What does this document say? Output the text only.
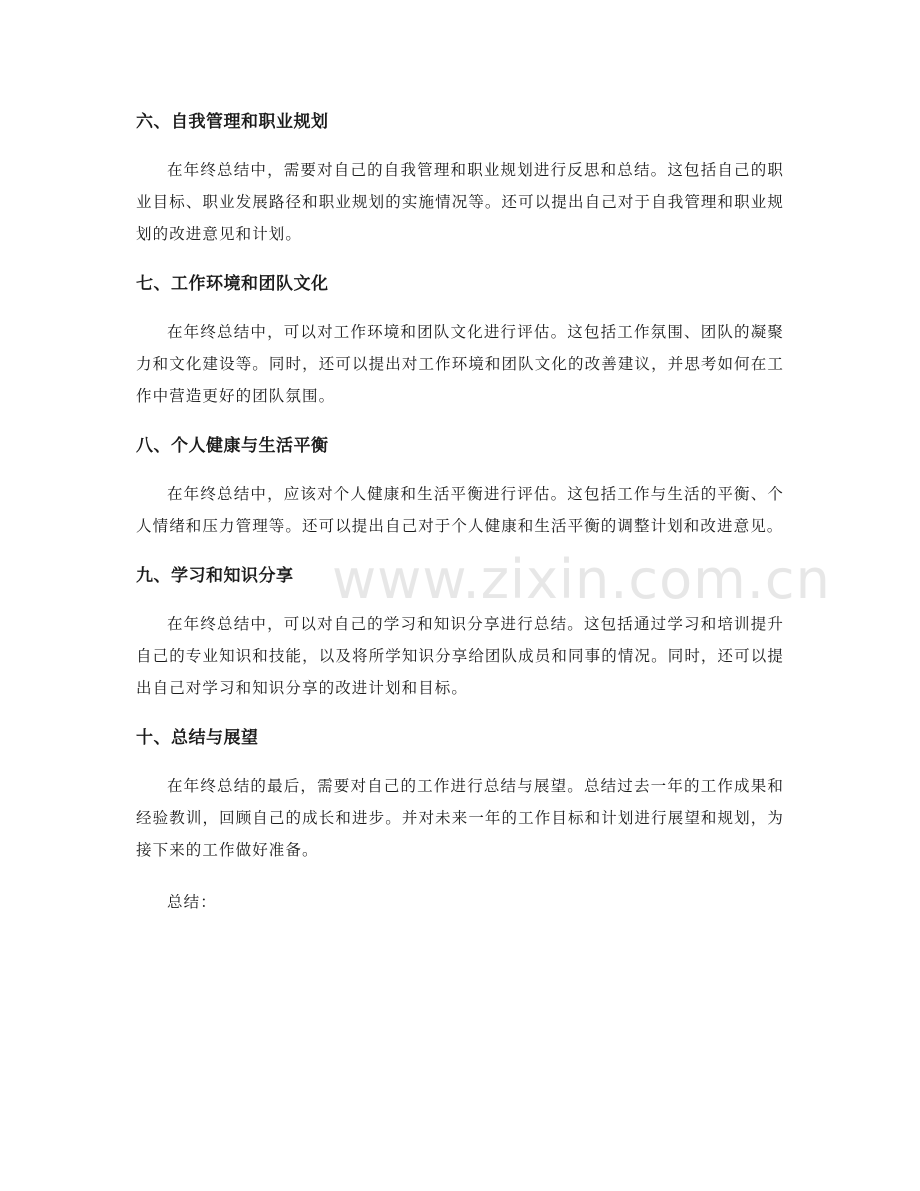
六、自我管理和职业规划

在年终总结中，需要对自己的自我管理和职业规划进行反思和总结。这包括自己的职业目标、职业发展路径和职业规划的实施情况等。还可以提出自己对于自我管理和职业规划的改进意见和计划。

七、工作环境和团队文化

在年终总结中，可以对工作环境和团队文化进行评估。这包括工作氛围、团队的凝聚力和文化建设等。同时，还可以提出对工作环境和团队文化的改善建议，并思考如何在工作中营造更好的团队氛围。

八、个人健康与生活平衡

在年终总结中，应该对个人健康和生活平衡进行评估。这包括工作与生活的平衡、个人情绪和压力管理等。还可以提出自己对于个人健康和生活平衡的调整计划和改进意见。

九、学习和知识分享

在年终总结中，可以对自己的学习和知识分享进行总结。这包括通过学习和培训提升自己的专业知识和技能，以及将所学知识分享给团队成员和同事的情况。同时，还可以提出自己对学习和知识分享的改进计划和目标。

十、总结与展望

在年终总结的最后，需要对自己的工作进行总结与展望。总结过去一年的工作成果和经验教训，回顾自己的成长和进步。并对未来一年的工作目标和计划进行展望和规划，为接下来的工作做好准备。

总结：

www.zixin.com.cn
